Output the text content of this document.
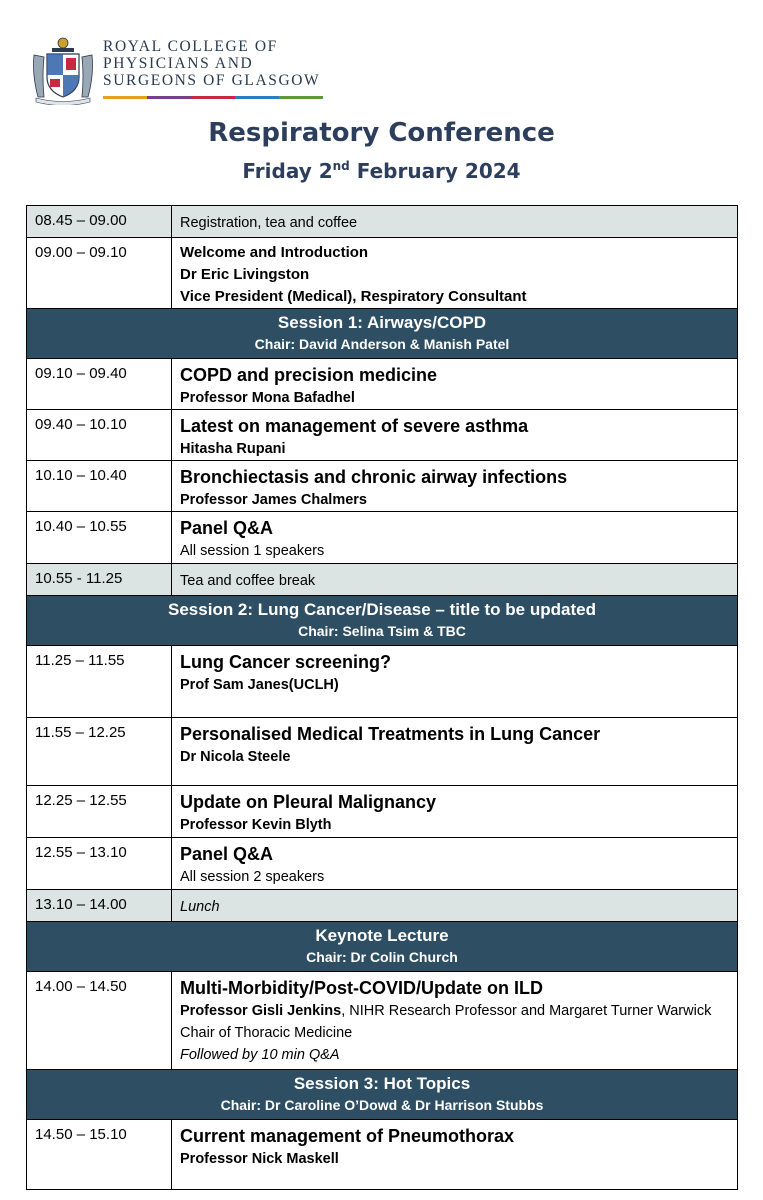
ROYAL COLLEGE OF
PHYSICIANS AND
SURGEONS OF GLASGOW
Respiratory Conference
Friday 2nd February 2024
08.45 – 09.00	Registration, tea and coffee
09.00 – 09.10	Welcome and Introduction
Dr Eric Livingston
Vice President (Medical), Respiratory Consultant

Session 1: Airways/COPD
Chair: David Anderson & Manish Patel	

09.10 – 09.40	COPD and precision medicine
Professor Mona Bafadhel

09.40 – 10.10	Latest on management of severe asthma
Hitasha Rupani

10.10 – 10.40	Bronchiectasis and chronic airway infections
Professor James Chalmers

10.40 – 10.55	Panel Q&A
All session 1 speakers

10.55 - 11.25	Tea and coffee break

Session 2: Lung Cancer/Disease – title to be updated
Chair: Selina Tsim & TBC	

11.25 – 11.55	Lung Cancer screening?
Prof Sam Janes(UCLH)

11.55 – 12.25	Personalised Medical Treatments in Lung Cancer
Dr Nicola Steele

12.25 – 12.55	Update on Pleural Malignancy
Professor Kevin Blyth

12.55 – 13.10	Panel Q&A
All session 2 speakers

13.10 – 14.00	Lunch

Keynote Lecture
Chair: Dr Colin Church	

14.00 – 14.50	Multi-Morbidity/Post-COVID/Update on ILD
Professor Gisli Jenkins, NIHR Research Professor and Margaret Turner Warwick Chair of Thoracic Medicine
Followed by 10 min Q&A

Session 3: Hot Topics
Chair: Dr Caroline O’Dowd & Dr Harrison Stubbs	

14.50 – 15.10	Current management of Pneumothorax
Professor Nick Maskell
